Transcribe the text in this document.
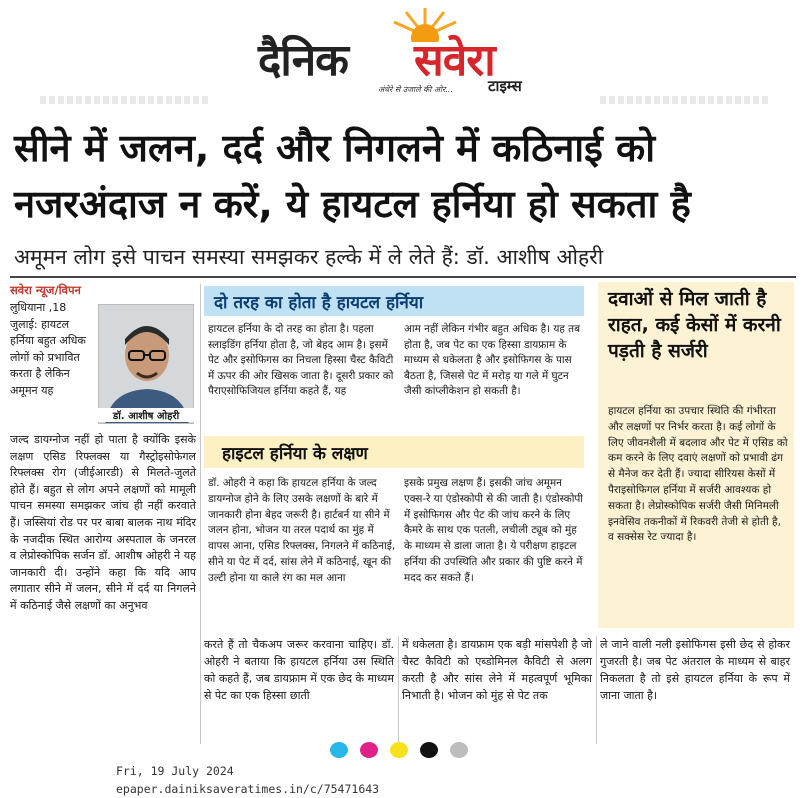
दैनिक सवेरा
अंधेरे से उजाले की ओर... टाइम्स
सीने में जलन, दर्द और निगलने में कठिनाई को
नजरअंदाज न करें, ये हायटल हर्निया हो सकता है
अमूमन लोग इसे पाचन समस्या समझकर हल्के में ले लेते हैं: डॉ. आशीष ओहरी
सवेरा न्यूज/विपन
लुधियाना ,18 जुलाई: हायटल हर्निया बहुत अधिक लोगों को प्रभावित करता है लेकिन अमूमन यह
डॉ. आशीष ओहरी
जल्द डायग्नोज नहीं हो पाता है क्योंकि इसके लक्षण एसिड रिफ्लक्स या गैस्ट्रोइसोफेगल रिफ्लक्स रोग (जीईआरडी) से मिलते-जुलते होते हैं। बहुत से लोग अपने लक्षणों को मामूली पाचन समस्या समझकर जांच ही नहीं करवाते हैं। जस्सियां रोड पर पर बाबा बालक नाथ मंदिर के नजदीक स्थित आरोग्य अस्पताल के जनरल व लेप्रोस्कोपिक सर्जन डॉ. आशीष ओहरी ने यह जानकारी दी। उन्होंने कहा कि यदि आप लगातार सीने में जलन, सीने में दर्द या निगलने में कठिनाई जैसे लक्षणों का अनुभव
दो तरह का होता है हायटल हर्निया
हायटल हर्निया के दो तरह का होता है। पहला स्लाइडिंग हर्निया होता है, जो बेहद आम है। इसमें पेट और इसोफिगस का निचला हिस्सा चैस्ट कैविटी में ऊपर की ओर खिसक जाता है। दूसरी प्रकार को पैराएसोफिजियल हर्निया कहते हैं, यह
आम नहीं लेकिन गंभीर बहुत अधिक है। यह तब होता है, जब पेट का एक हिस्सा डायफ्राम के माध्यम से धकेलता है और इसोफिगस के पास बैठता है, जिससे पेट में मरोड़ या गले में घुटन जैसी कांप्लीकेशन हो सकती है।
हाइटल हर्निया के लक्षण
डॉ. ओहरी ने कहा कि हायटल हर्निया के जल्द डायग्नोज होने के लिए उसके लक्षणों के बारे में जानकारी होना बेहद जरूरी है। हार्टबर्न या सीने में जलन होना, भोजन या तरल पदार्थ का मुंह में वापस आना, एसिड रिफ्लक्स, निगलने में कठिनाई, सीने या पेट में दर्द, सांस लेने में कठिनाई, खून की उल्टी होना या काले रंग का मल आना
इसके प्रमुख लक्षण हैं। इसकी जांच अमूमन एक्स-रे या एंडोस्कोपी से की जाती है। एंडोस्कोपी में इसोफिगस और पेट की जांच करने के लिए कैमरे के साथ एक पतली, लचीली ट्यूब को मुंह के माध्यम से डाला जाता है। ये परीक्षण हाइटल हर्निया की उपस्थिति और प्रकार की पुष्टि करने में मदद कर सकते हैं।
करते हैं तो चैकअप जरूर करवाना चाहिए। डॉ. ओहरी ने बताया कि हायटल हर्निया उस स्थिति को कहते हैं, जब डायफ्राम में एक छेद के माध्यम से पेट का एक हिस्सा छाती
में धकेलता है। डायफ्राम एक बड़ी मांसपेशी है जो चैस्ट कैविटी को एब्डोमिनल कैविटी से अलग करती है और सांस लेने में महत्वपूर्ण भूमिका निभाती है। भोजन को मुंह से पेट तक
ले जाने वाली नली इसोफिगस इसी छेद से होकर गुजरती है। जब पेट अंतराल के माध्यम से बाहर निकलता है तो इसे हायटल हर्निया के रूप में जाना जाता है।
दवाओं से मिल जाती है राहत, कई केसों में करनी पड़ती है सर्जरी
हायटल हर्निया का उपचार स्थिति की गंभीरता और लक्षणों पर निर्भर करता है। कई लोगों के लिए जीवनशैली में बदलाव और पेट में एसिड को कम करने के लिए दवाएं लक्षणों को प्रभावी ढंग से मैनेज कर देती हैं। ज्यादा सीरियस केसों में पैराइसोफिगल हर्निया में सर्जरी आवश्यक हो सकता है। लेप्रोस्कोपिक सर्जरी जैसी मिनिमली इनवेसिव तकनीकों में रिकवरी तेजी से होती है, व सक्सेस रेट ज्यादा है।
Fri, 19 July 2024
epaper.dainiksaveratimes.in/c/75471643
